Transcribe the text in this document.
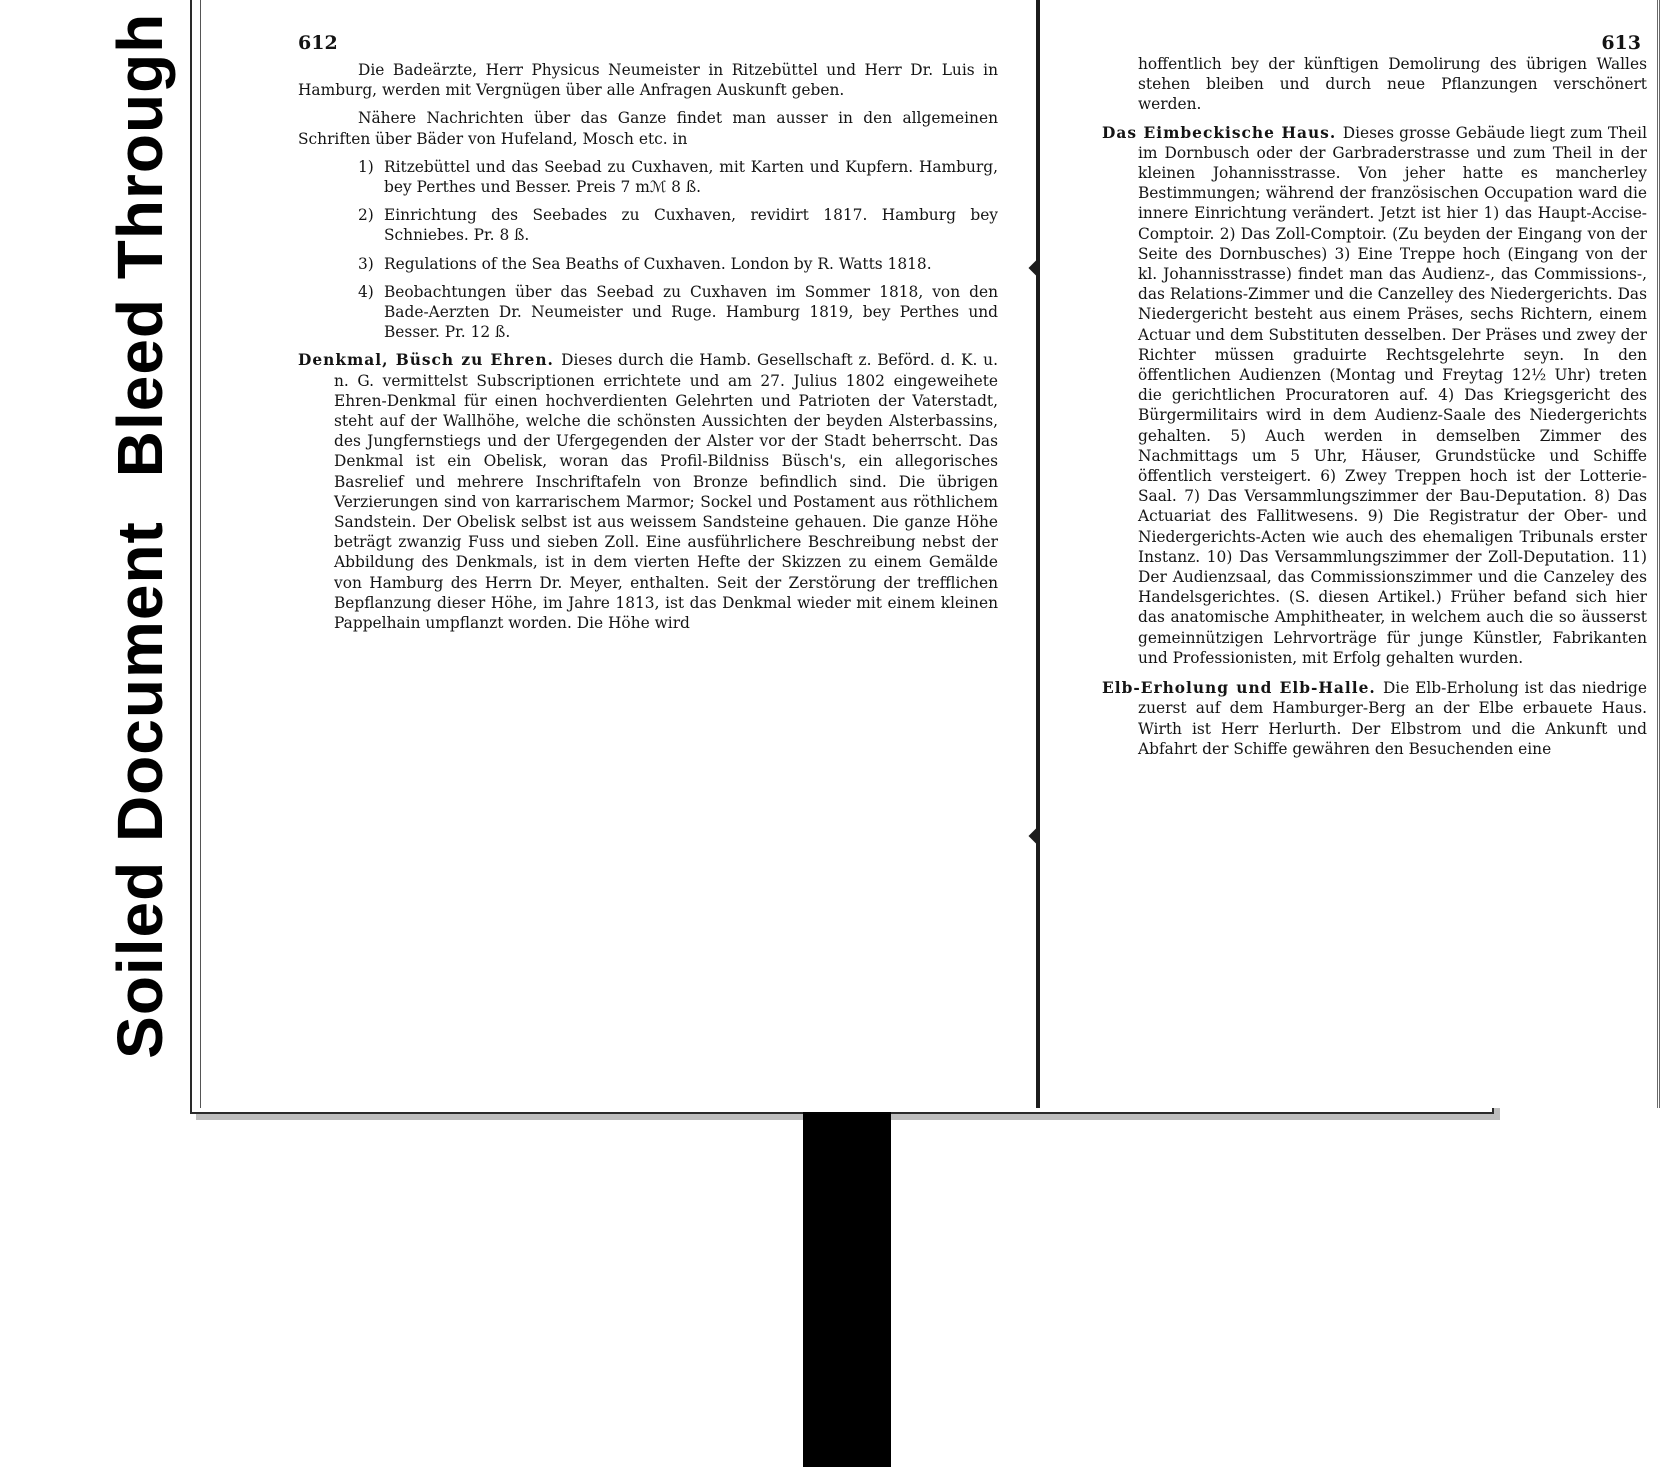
Bleed Through
Soiled Document
612

Die Badeärzte, Herr Physicus Neumeister in Ritzebüttel und Herr Dr. Luis in Hamburg, werden mit Vergnügen über alle Anfragen Auskunft geben.

Nähere Nachrichten über das Ganze findet man ausser in den allgemeinen Schriften über Bäder von Hufeland, Mosch etc. in

1) Ritzebüttel und das Seebad zu Cuxhaven, mit Karten und Kupfern. Hamburg, bey Perthes und Besser. Preis 7 mℳ 8 ß.
2) Einrichtung des Seebades zu Cuxhaven, revidirt 1817. Hamburg bey Schniebes. Pr. 8 ß.
3) Regulations of the Sea Beaths of Cuxhaven. London by R. Watts 1818.
4) Beobachtungen über das Seebad zu Cuxhaven im Sommer 1818, von den Bade-Aerzten Dr. Neumeister und Ruge. Hamburg 1819, bey Perthes und Besser. Pr. 12 ß.

Denkmal, Büsch zu Ehren. Dieses durch die Hamb. Gesellschaft z. Beförd. d. K. u. n. G. vermittelst Subscriptionen errichtete und am 27. Julius 1802 eingeweihete Ehren-Denkmal für einen hochverdienten Gelehrten und Patrioten der Vaterstadt, steht auf der Wallhöhe, welche die schönsten Aussichten der beyden Alsterbassins, des Jungfernstiegs und der Ufergegenden der Alster vor der Stadt beherrscht. Das Denkmal ist ein Obelisk, woran das Profil-Bildniss Büsch's, ein allegorisches Basrelief und mehrere Inschriftafeln von Bronze befindlich sind. Die übrigen Verzierungen sind von karrarischem Marmor; Sockel und Postament aus röthlichem Sandstein. Der Obelisk selbst ist aus weissem Sandsteine gehauen. Die ganze Höhe beträgt zwanzig Fuss und sieben Zoll. Eine ausführlichere Beschreibung nebst der Abbildung des Denkmals, ist in dem vierten Hefte der Skizzen zu einem Gemälde von Hamburg des Herrn Dr. Meyer, enthalten. Seit der Zerstörung der trefflichen Bepflanzung dieser Höhe, im Jahre 1813, ist das Denkmal wieder mit einem kleinen Pappelhain umpflanzt worden. Die Höhe wird

613

hoffentlich bey der künftigen Demolirung des übrigen Walles stehen bleiben und durch neue Pflanzungen verschönert werden.

Das Eimbeckische Haus. Dieses grosse Gebäude liegt zum Theil im Dornbusch oder der Garbraderstrasse und zum Theil in der kleinen Johannisstrasse. Von jeher hatte es mancherley Bestimmungen; während der französischen Occupation ward die innere Einrichtung verändert. Jetzt ist hier 1) das Haupt-Accise-Comptoir. 2) Das Zoll-Comptoir. (Zu beyden der Eingang von der Seite des Dornbusches) 3) Eine Treppe hoch (Eingang von der kl. Johannisstrasse) findet man das Audienz-, das Commissions-, das Relations-Zimmer und die Canzelley des Niedergerichts. Das Niedergericht besteht aus einem Präses, sechs Richtern, einem Actuar und dem Substituten desselben. Der Präses und zwey der Richter müssen graduirte Rechtsgelehrte seyn. In den öffentlichen Audienzen (Montag und Freytag 12½ Uhr) treten die gerichtlichen Procuratoren auf. 4) Das Kriegsgericht des Bürgermilitairs wird in dem Audienz-Saale des Niedergerichts gehalten. 5) Auch werden in demselben Zimmer des Nachmittags um 5 Uhr, Häuser, Grundstücke und Schiffe öffentlich versteigert. 6) Zwey Treppen hoch ist der Lotterie-Saal. 7) Das Versammlungszimmer der Bau-Deputation. 8) Das Actuariat des Fallitwesens. 9) Die Registratur der Ober- und Niedergerichts-Acten wie auch des ehemaligen Tribunals erster Instanz. 10) Das Versammlungszimmer der Zoll-Deputation. 11) Der Audienzsaal, das Commissionszimmer und die Canzeley des Handelsgerichtes. (S. diesen Artikel.) Früher befand sich hier das anatomische Amphitheater, in welchem auch die so äusserst gemeinnützigen Lehrvorträge für junge Künstler, Fabrikanten und Professionisten, mit Erfolg gehalten wurden.

Elb-Erholung und Elb-Halle. Die Elb-Erholung ist das niedrige zuerst auf dem Hamburger-Berg an der Elbe erbauete Haus. Wirth ist Herr Herlurth. Der Elbstrom und die Ankunft und Abfahrt der Schiffe gewähren den Besuchenden eine
